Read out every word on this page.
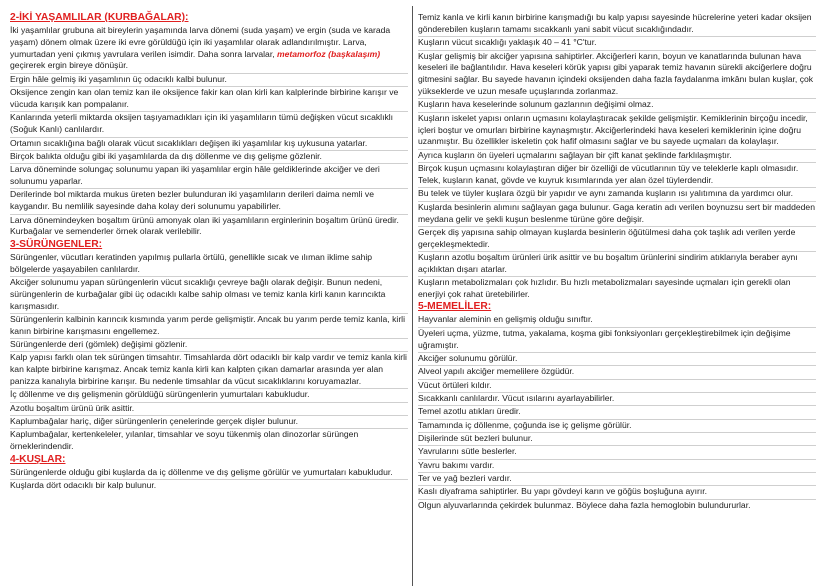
2-İKİ YAŞAMLILAR (KURBAĞALAR):

İki yaşamlılar grubuna ait bireylerin yaşamında larva dönemi (suda yaşam) ve ergin (suda ve karada yaşam) dönem olmak üzere iki evre görüldüğü için iki yaşamlılar olarak adlandırılmıştır. Larva, yumurtadan yeni çıkmış yavrulara verilen isimdir. Daha sonra larvalar, metamorfoz (başkalaşım) geçirerek ergin bireye dönüşür.

Ergin hâle gelmiş iki yaşamlının üç odacıklı kalbi bulunur.

Oksijence zengin kan olan temiz kan ile oksijence fakir kan olan kirli kan kalplerinde birbirine karışır ve vücuda karışık kan pompalanır.

Kanlarında yeterli miktarda oksijen taşıyamadıkları için iki yaşamlıların tümü değişken vücut sıcaklıklı (Soğuk Kanlı) canlılardır.

Ortamın sıcaklığına bağlı olarak vücut sıcaklıkları değişen iki yaşamlılar kış uykusuna yatarlar.

Birçok balıkta olduğu gibi iki yaşamlılarda da dış döllenme ve dış gelişme gözlenir.

Larva döneminde solungaç solunumu yapan iki yaşamlılar ergin hâle geldiklerinde akciğer ve deri solunumu yaparlar.

Derilerinde bol miktarda mukus üreten bezler bulunduran iki yaşamlıların derileri daima nemli ve kaygandır. Bu nemlilik sayesinde daha kolay deri solunumu yapabilirler.

Larva dönemindeyken boşaltım ürünü amonyak olan iki yaşamlıların erginlerinin boşaltım ürünü üredir. Kurbağalar ve semenderler örnek olarak verilebilir.

3-SÜRÜNGENLER:

Sürüngenler, vücutları keratinden yapılmış pullarla örtülü, genellikle sıcak ve ılıman iklime sahip bölgelerde yaşayabilen canlılardır.

Akciğer solunumu yapan sürüngenlerin vücut sıcaklığı çevreye bağlı olarak değişir. Bunun nedeni, sürüngenlerin de kurbağalar gibi üç odacıklı kalbe sahip olması ve temiz kanla kirli kanın karıncıkta karışmasıdır.

Sürüngenlerin kalbinin karıncık kısmında yarım perde gelişmiştir. Ancak bu yarım perde temiz kanla, kirli kanın birbirine karışmasını engellemez.

Sürüngenlerde deri (gömlek) değişimi gözlenir.

Kalp yapısı farklı olan tek sürüngen timsahtır. Timsahlarda dört odacıklı bir kalp vardır ve temiz kanla kirli kan kalpte birbirine karışmaz. Ancak temiz kanla kirli kan kalpten çıkan damarlar arasında yer alan panizza kanalıyla birbirine karışır. Bu nedenle timsahlar da vücut sıcaklıklarını koruyamazlar.

İç döllenme ve dış gelişmenin görüldüğü sürüngenlerin yumurtaları kabukludur.

Azotlu boşaltım ürünü ürik asittir.

Kaplumbağalar hariç, diğer sürüngenlerin çenelerinde gerçek dişler bulunur.

Kaplumbağalar, kertenkeleler, yılanlar, timsahlar ve soyu tükenmiş olan dinozorlar sürüngen örneklerindendir.

4-KUŞLAR:

Sürüngenlerde olduğu gibi kuşlarda da iç döllenme ve dış gelişme görülür ve yumurtaları kabukludur.

Kuşlarda dört odacıklı bir kalp bulunur.

Temiz kanla ve kirli kanın birbirine karışmadığı bu kalp yapısı sayesinde hücrelerine yeteri kadar oksijen gönderebilen kuşların tamamı sıcakkanlı yani sabit vücut sıcaklığındadır.

Kuşların vücut sıcaklığı yaklaşık 40 – 41 °C'tur.

Kuşlar gelişmiş bir akciğer yapısına sahiptirler. Akciğerleri karın, boyun ve kanatlarında bulunan hava keseleri ile bağlantılıdır. Hava keseleri körük yapısı gibi yaparak temiz havanın sürekli akciğerlere doğru gitmesini sağlar. Bu sayede havanın içindeki oksijenden daha fazla faydalanma imkânı bulan kuşlar, çok yükseklerde ve uzun mesafe uçuşlarında zorlanmaz.

Kuşların hava keselerinde solunum gazlarının değişimi olmaz.

Kuşların iskelet yapısı onların uçmasını kolaylaştıracak şekilde gelişmiştir. Kemiklerinin birçoğu incedir, içleri boştur ve omurları birbirine kaynaşmıştır. Akciğerlerindeki hava keseleri kemiklerinin içine doğru uzanmıştır. Bu özellikler iskeletin çok hafif olmasını sağlar ve bu sayede uçmaları da kolaylaşır.

Ayrıca kuşların ön üyeleri uçmalarını sağlayan bir çift kanat şeklinde farklılaşmıştır.

Birçok kuşun uçmasını kolaylaştıran diğer bir özelliği de vücutlarının tüy ve teleklerle kaplı olmasıdır. Telek, kuşların kanat, gövde ve kuyruk kısımlarında yer alan özel tüylerdendir.

Bu telek ve tüyler kuşlara özgü bir yapıdır ve aynı zamanda kuşların ısı yalıtımına da yardımcı olur.

Kuşlarda besinlerin alımını sağlayan gaga bulunur. Gaga keratin adı verilen boynuzsu sert bir maddeden meydana gelir ve şekli kuşun beslenme türüne göre değişir.

Gerçek diş yapısına sahip olmayan kuşlarda besinlerin öğütülmesi daha çok taşlık adı verilen yerde gerçekleşmektedir.

Kuşların azotlu boşaltım ürünleri ürik asittir ve bu boşaltım ürünlerini sindirim atıklarıyla beraber aynı açıklıktan dışarı atarlar.

Kuşların metabolizmaları çok hızlıdır. Bu hızlı metabolizmaları sayesinde uçmaları için gerekli olan enerjiyi çok rahat üretebilirler.

5-MEMELİLER:

Hayvanlar aleminin en gelişmiş olduğu sınıftır.

Üyeleri uçma, yüzme, tutma, yakalama, koşma gibi fonksiyonları gerçekleştirebilmek için değişime uğramıştır.

Akciğer solunumu görülür.

Alveol yapılı akciğer memelilere özgüdür.

Vücut örtüleri kıldır.

Sıcakkanlı canlılardır. Vücut ısılarını ayarlayabilirler.

Temel azotlu atıkları üredir.

Tamamında iç döllenme, çoğunda ise iç gelişme görülür.

Dişilerinde süt bezleri bulunur.

Yavrularını sütle beslerler.

Yavru bakımı vardır.

Ter ve yağ bezleri vardır.

Kaslı diyaframa sahiptirler. Bu yapı gövdeyi karın ve göğüs boşluğuna ayırır.

Olgun alyuvarlarında çekirdek bulunmaz. Böylece daha fazla hemoglobin bulundururlar.
